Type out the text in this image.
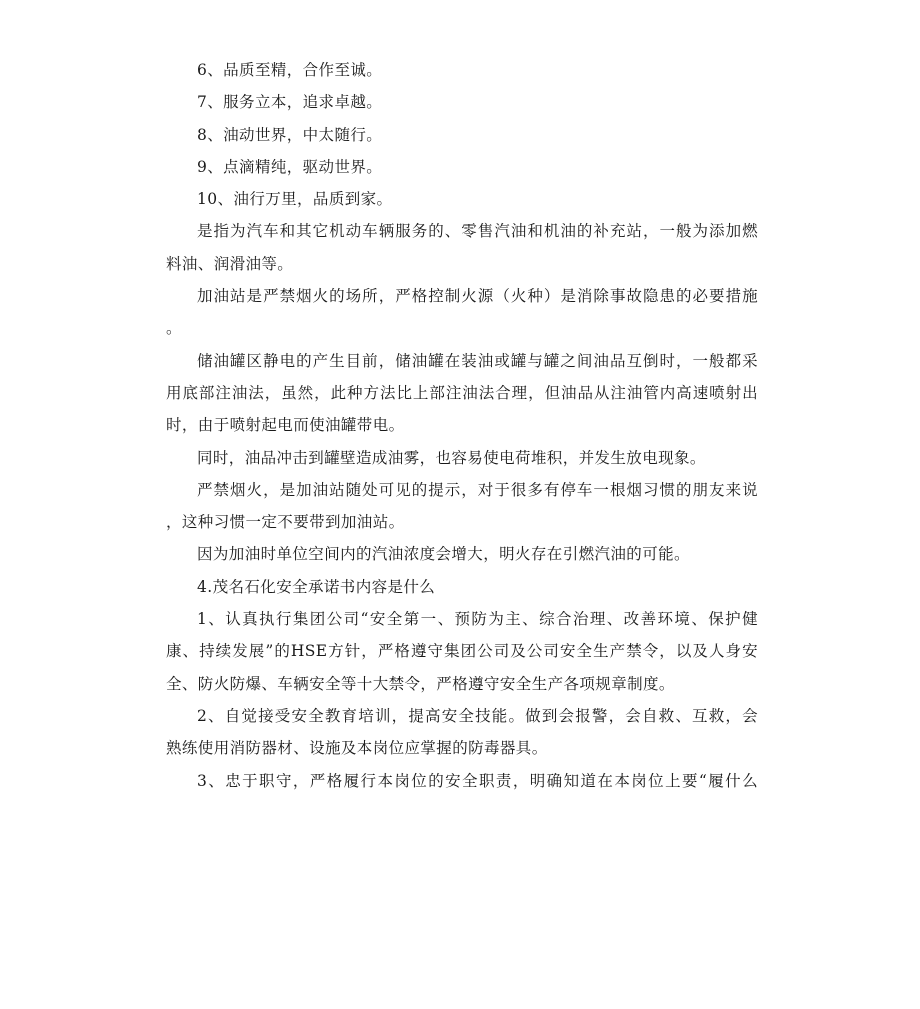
6、品质至精，合作至诚。
7、服务立本，追求卓越。
8、油动世界，中太随行。
9、点滴精纯，驱动世界。
10、油行万里，品质到家。
是指为汽车和其它机动车辆服务的、零售汽油和机油的补充站，一般为添加燃
料油、润滑油等。
加油站是严禁烟火的场所，严格控制火源（火种）是消除事故隐患的必要措施
。
储油罐区静电的产生目前，储油罐在装油或罐与罐之间油品互倒时，一般都采
用底部注油法，虽然，此种方法比上部注油法合理，但油品从注油管内高速喷射出
时，由于喷射起电而使油罐带电。
同时，油品冲击到罐壁造成油雾，也容易使电荷堆积，并发生放电现象。
严禁烟火，是加油站随处可见的提示，对于很多有停车一根烟习惯的朋友来说
，这种习惯一定不要带到加油站。
因为加油时单位空间内的汽油浓度会增大，明火存在引燃汽油的可能。
4.茂名石化安全承诺书内容是什么
1、认真执行集团公司“安全第一、预防为主、综合治理、改善环境、保护健
康、持续发展”的HSE方针，严格遵守集团公司及公司安全生产禁令，以及人身安
全、防火防爆、车辆安全等十大禁令，严格遵守安全生产各项规章制度。
2、自觉接受安全教育培训，提高安全技能。做到会报警，会自救、互救，会
熟练使用消防器材、设施及本岗位应掌握的防毒器具。
3、忠于职守，严格履行本岗位的安全职责，明确知道在本岗位上要“履什么
